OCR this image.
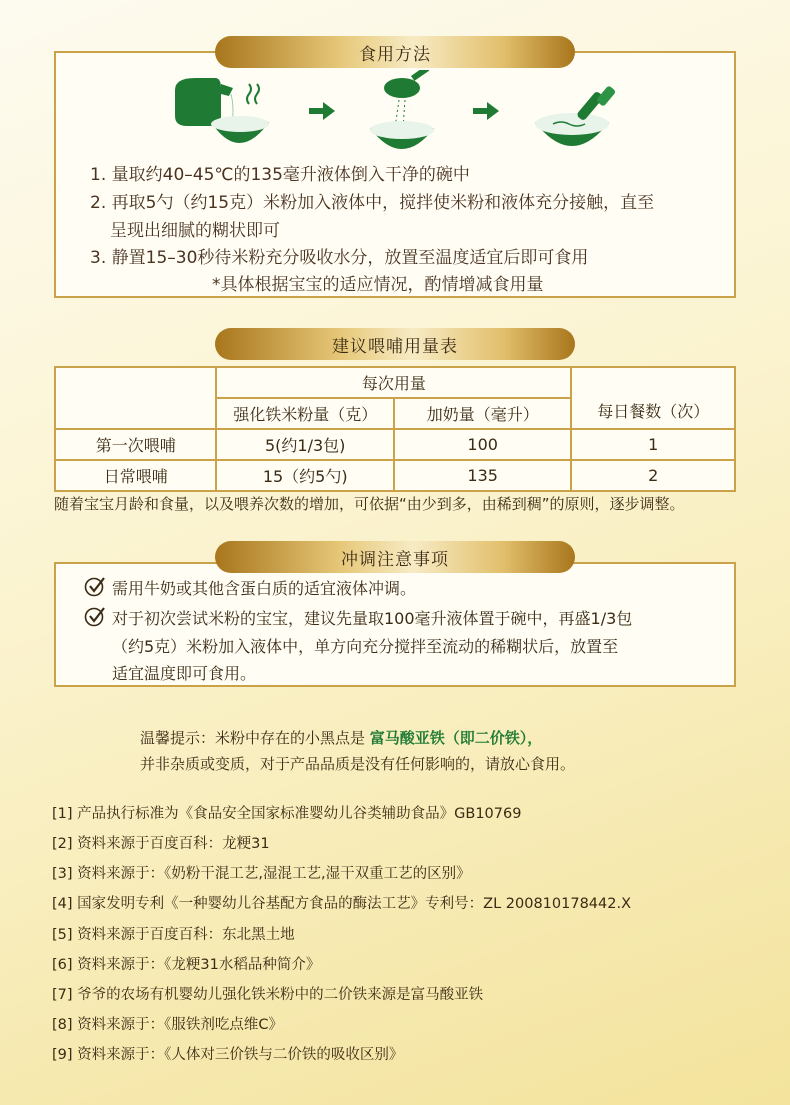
食用方法
1. 量取约40–45℃的135毫升液体倒入干净的碗中
2. 再取5勺（约15克）米粉加入液体中，搅拌使米粉和液体充分接触，直至
呈现出细腻的糊状即可
3. 静置15–30秒待米粉充分吸收水分，放置至温度适宜后即可食用
*具体根据宝宝的适应情况，酌情增减食用量
建议喂哺用量表
	每次用量		每日餐数（次）
	强化铁米粉量（克）	加奶量（毫升）	
第一次喂哺	5(约1/3包)	100	1
日常喂哺	15（约5勺)	135	2
随着宝宝月龄和食量，以及喂养次数的增加，可依据“由少到多，由稀到稠”的原则，逐步调整。
冲调注意事项
需用牛奶或其他含蛋白质的适宜液体冲调。
对于初次尝试米粉的宝宝，建议先量取100毫升液体置于碗中，再盛1/3包
（约5克）米粉加入液体中，单方向充分搅拌至流动的稀糊状后，放置至
适宜温度即可食用。
温馨提示：米粉中存在的小黑点是 富马酸亚铁（即二价铁），
并非杂质或变质，对于产品品质是没有任何影响的，请放心食用。
[1] 产品执行标准为《食品安全国家标准婴幼儿谷类辅助食品》GB10769
[2] 资料来源于百度百科：龙粳31
[3] 资料来源于：《奶粉干混工艺,湿混工艺,湿干双重工艺的区别》
[4] 国家发明专利《一种婴幼儿谷基配方食品的酶法工艺》专利号：ZL 200810178442.X
[5] 资料来源于百度百科：东北黑土地
[6] 资料来源于：《龙粳31水稻品种简介》
[7] 爷爷的农场有机婴幼儿强化铁米粉中的二价铁来源是富马酸亚铁
[8] 资料来源于：《服铁剂吃点维C》
[9] 资料来源于：《人体对三价铁与二价铁的吸收区别》
